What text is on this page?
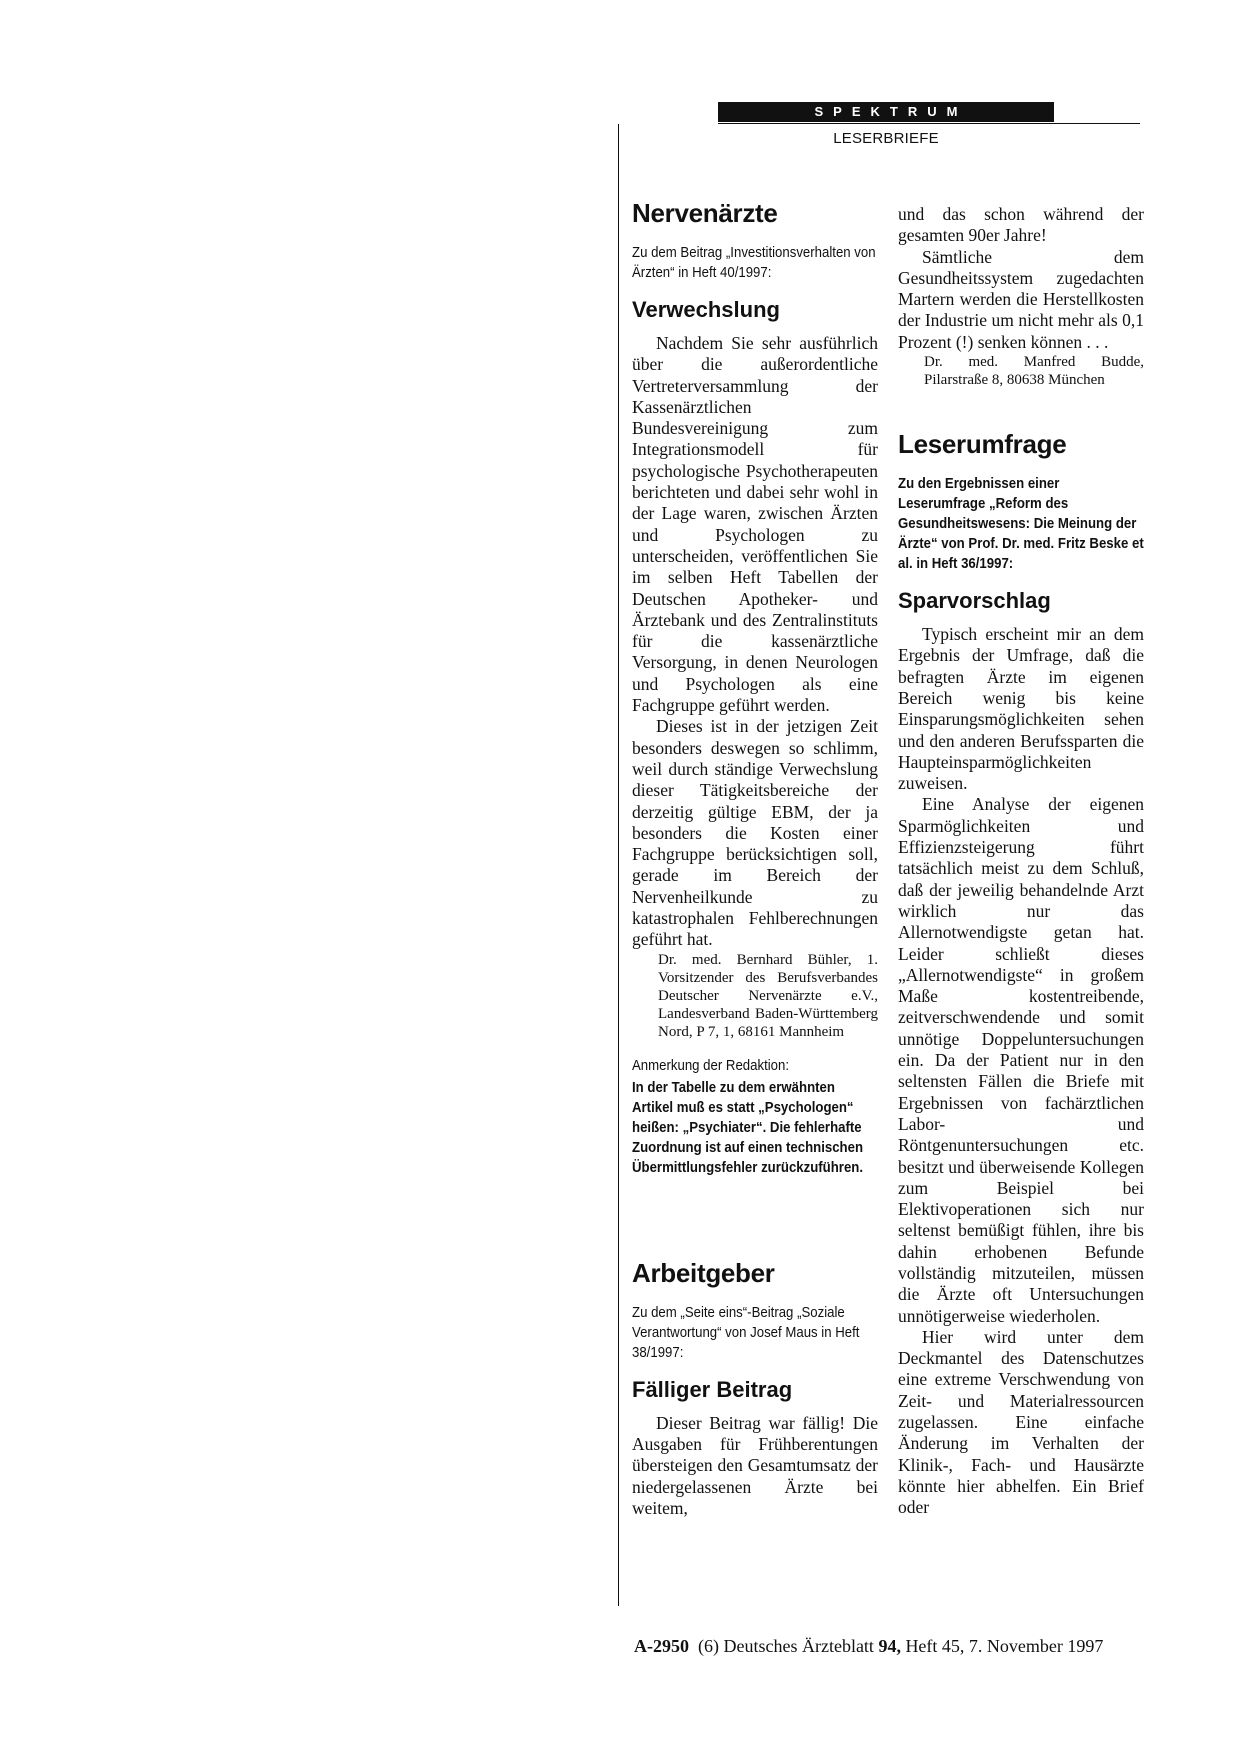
SPEKTRUM
LESERBRIEFE
Nervenärzte
Zu dem Beitrag „Investitionsverhalten von Ärzten“ in Heft 40/1997:
Verwechslung

Nachdem Sie sehr ausführlich über die außerordentliche Vertreterversammlung der Kassenärztlichen Bundesvereinigung zum Integrationsmodell für psychologische Psychotherapeuten berichteten und dabei sehr wohl in der Lage waren, zwischen Ärzten und Psychologen zu unterscheiden, veröffentlichen Sie im selben Heft Tabellen der Deutschen Apotheker- und Ärztebank und des Zentralinstituts für die kassenärztliche Versorgung, in denen Neurologen und Psychologen als eine Fachgruppe geführt werden.

Dieses ist in der jetzigen Zeit besonders deswegen so schlimm, weil durch ständige Verwechslung dieser Tätigkeitsbereiche der derzeitig gültige EBM, der ja besonders die Kosten einer Fachgruppe berücksichtigen soll, gerade im Bereich der Nervenheilkunde zu katastrophalen Fehlberechnungen geführt hat.

Dr. med. Bernhard Bühler, 1. Vorsitzender des Berufsverbandes Deutscher Nervenärzte e.V., Landesverband Baden-Württemberg Nord, P 7, 1, 68161 Mannheim

Anmerkung der Redaktion:
In der Tabelle zu dem erwähnten Artikel muß es statt „Psychologen“ heißen: „Psychiater“. Die fehlerhafte Zuordnung ist auf einen technischen Übermittlungsfehler zurückzuführen.
Arbeitgeber
Zu dem „Seite eins“-Beitrag „Soziale Verantwortung“ von Josef Maus in Heft 38/1997:
Fälliger Beitrag

Dieser Beitrag war fällig! Die Ausgaben für Frühberentungen übersteigen den Gesamtumsatz der niedergelassenen Ärzte bei weitem,

und das schon während der gesamten 90er Jahre!

Sämtliche dem Gesundheitssystem zugedachten Martern werden die Herstellkosten der Industrie um nicht mehr als 0,1 Prozent (!) senken können . . .

Dr. med. Manfred Budde, Pilarstraße 8, 80638 München

Leserumfrage
Zu den Ergebnissen einer Leserumfrage „Reform des Gesundheitswesens: Die Meinung der Ärzte“ von Prof. Dr. med. Fritz Beske et al. in Heft 36/1997:
Sparvorschlag

Typisch erscheint mir an dem Ergebnis der Umfrage, daß die befragten Ärzte im eigenen Bereich wenig bis keine Einsparungsmöglichkeiten sehen und den anderen Berufssparten die Haupteinsparmöglichkeiten zuweisen.

Eine Analyse der eigenen Sparmöglichkeiten und Effizienzsteigerung führt tatsächlich meist zu dem Schluß, daß der jeweilig behandelnde Arzt wirklich nur das Allernotwendigste getan hat. Leider schließt dieses „Allernotwendigste“ in großem Maße kostentreibende, zeitverschwendende und somit unnötige Doppeluntersuchungen ein. Da der Patient nur in den seltensten Fällen die Briefe mit Ergebnissen von fachärztlichen Labor- und Röntgenuntersuchungen etc. besitzt und überweisende Kollegen zum Beispiel bei Elektivoperationen sich nur seltenst bemüßigt fühlen, ihre bis dahin erhobenen Befunde vollständig mitzuteilen, müssen die Ärzte oft Untersuchungen unnötigerweise wiederholen.

Hier wird unter dem Deckmantel des Datenschutzes eine extreme Verschwendung von Zeit- und Materialressourcen zugelassen. Eine einfache Änderung im Verhalten der Klinik-, Fach- und Hausärzte könnte hier abhelfen. Ein Brief oder

A-2950 (6) Deutsches Ärzteblatt 94, Heft 45, 7. November 1997
